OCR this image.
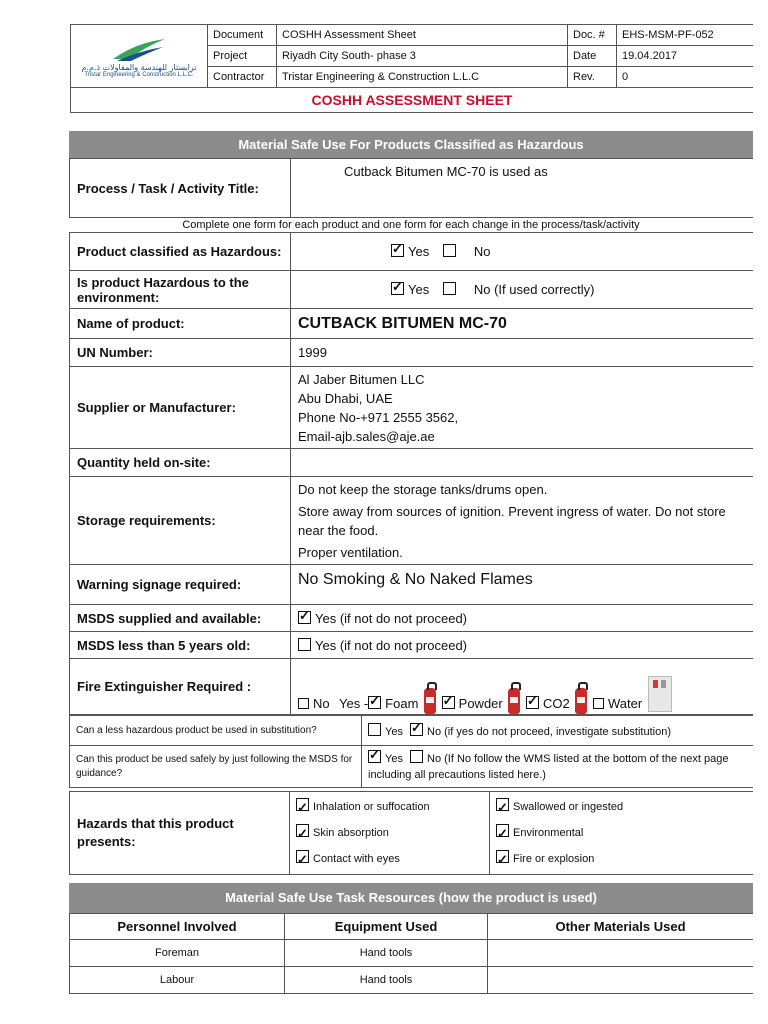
ترايستار للهندسة والمقاولات ذ.م.م
Tristar Engineering & Construction L.L.C.	Document	COSHH Assessment Sheet	Doc. #	EHS-MSM-PF-052
	Project	Riyadh City South- phase 3	Date	19.04.2017
	Contractor	Tristar Engineering & Construction L.L.C	Rev.	0
COSHH ASSESSMENT SHEET				
Material Safe Use For Products Classified as Hazardous
Process / Task / Activity Title:	Cutback Bitumen MC-70 is used as
Complete one form for each product and one form for each change in the process/task/activity
Product classified as Hazardous:	✓Yes No
Is product Hazardous to the environment:	✓Yes No (If used correctly)
Name of product:	CUTBACK BITUMEN MC-70
UN Number:	1999
Supplier or Manufacturer:	Al Jaber Bitumen LLC
Abu Dhabi, UAE
Phone No-+971 2555 3562,
Email-ajb.sales@aje.ae

Quantity held on-site:	
Storage requirements:	Do not keep the storage tanks/drums open.
Store away from sources of ignition. Prevent ingress of water. Do not store near the food.
Proper ventilation.

Warning signage required:	No Smoking & No Naked Flames
MSDS supplied and available:	✓Yes (if not do not proceed)
MSDS less than 5 years old:	Yes (if not do not proceed)
Fire Extinguisher Required :	No Yes - ✓ Foam ✓ Powder ✓ CO2 Water
Can a less hazardous product be used in substitution?	Yes ✓ No (if yes do not proceed, investigate substitution)
Can this product be used safely by just following the MSDS for guidance?	✓Yes No (If No follow the WMS listed at the bottom of the next page including all precautions listed here.)
Hazards that this product presents:	
✓Inhalation or suffocation
✓Skin absorption
✓Contact with eyes

✓Swallowed or ingested
✓Environmental
✓Fire or explosion
Material Safe Use Task Resources (how the product is used)
Personnel Involved	Equipment Used	Other Materials Used
Foreman	Hand tools	
Labour	Hand tools	
